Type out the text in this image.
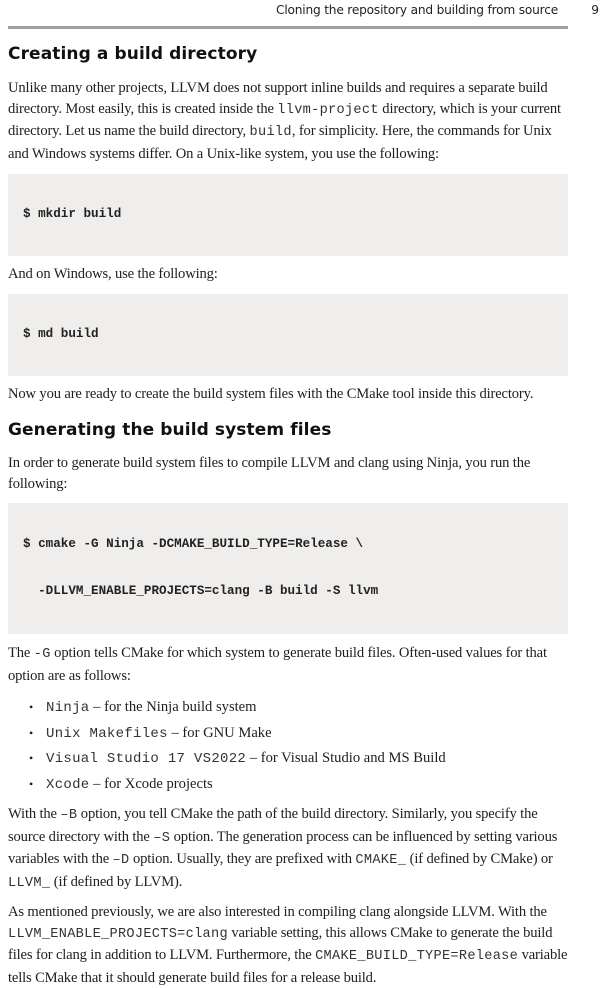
Cloning the repository and building from source	9
Creating a build directory

Unlike many other projects, LLVM does not support inline builds and requires a separate build directory. Most easily, this is created inside the llvm-project directory, which is your current directory. Let us name the build directory, build, for simplicity. Here, the commands for Unix and Windows systems differ. On a Unix-like system, you use the following:

$ mkdir build

And on Windows, use the following:

$ md build

Now you are ready to create the build system files with the CMake tool inside this directory.

Generating the build system files

In order to generate build system files to compile LLVM and clang using Ninja, you run the following:

$ cmake -G Ninja -DCMAKE_BUILD_TYPE=Release \

-DLLVM_ENABLE_PROJECTS=clang -B build -S llvm

The -G option tells CMake for which system to generate build files. Often-used values for that option are as follows:

• Ninja – for the Ninja build system
• Unix Makefiles – for GNU Make
• Visual Studio 17 VS2022 – for Visual Studio and MS Build
• Xcode – for Xcode projects

With the –B option, you tell CMake the path of the build directory. Similarly, you specify the source directory with the –S option. The generation process can be influenced by setting various variables with the –D option. Usually, they are prefixed with CMAKE_ (if defined by CMake) or LLVM_ (if defined by LLVM).

As mentioned previously, we are also interested in compiling clang alongside LLVM. With the LLVM_ENABLE_PROJECTS=clang variable setting, this allows CMake to generate the build files for clang in addition to LLVM. Furthermore, the CMAKE_BUILD_TYPE=Release variable tells CMake that it should generate build files for a release build.
